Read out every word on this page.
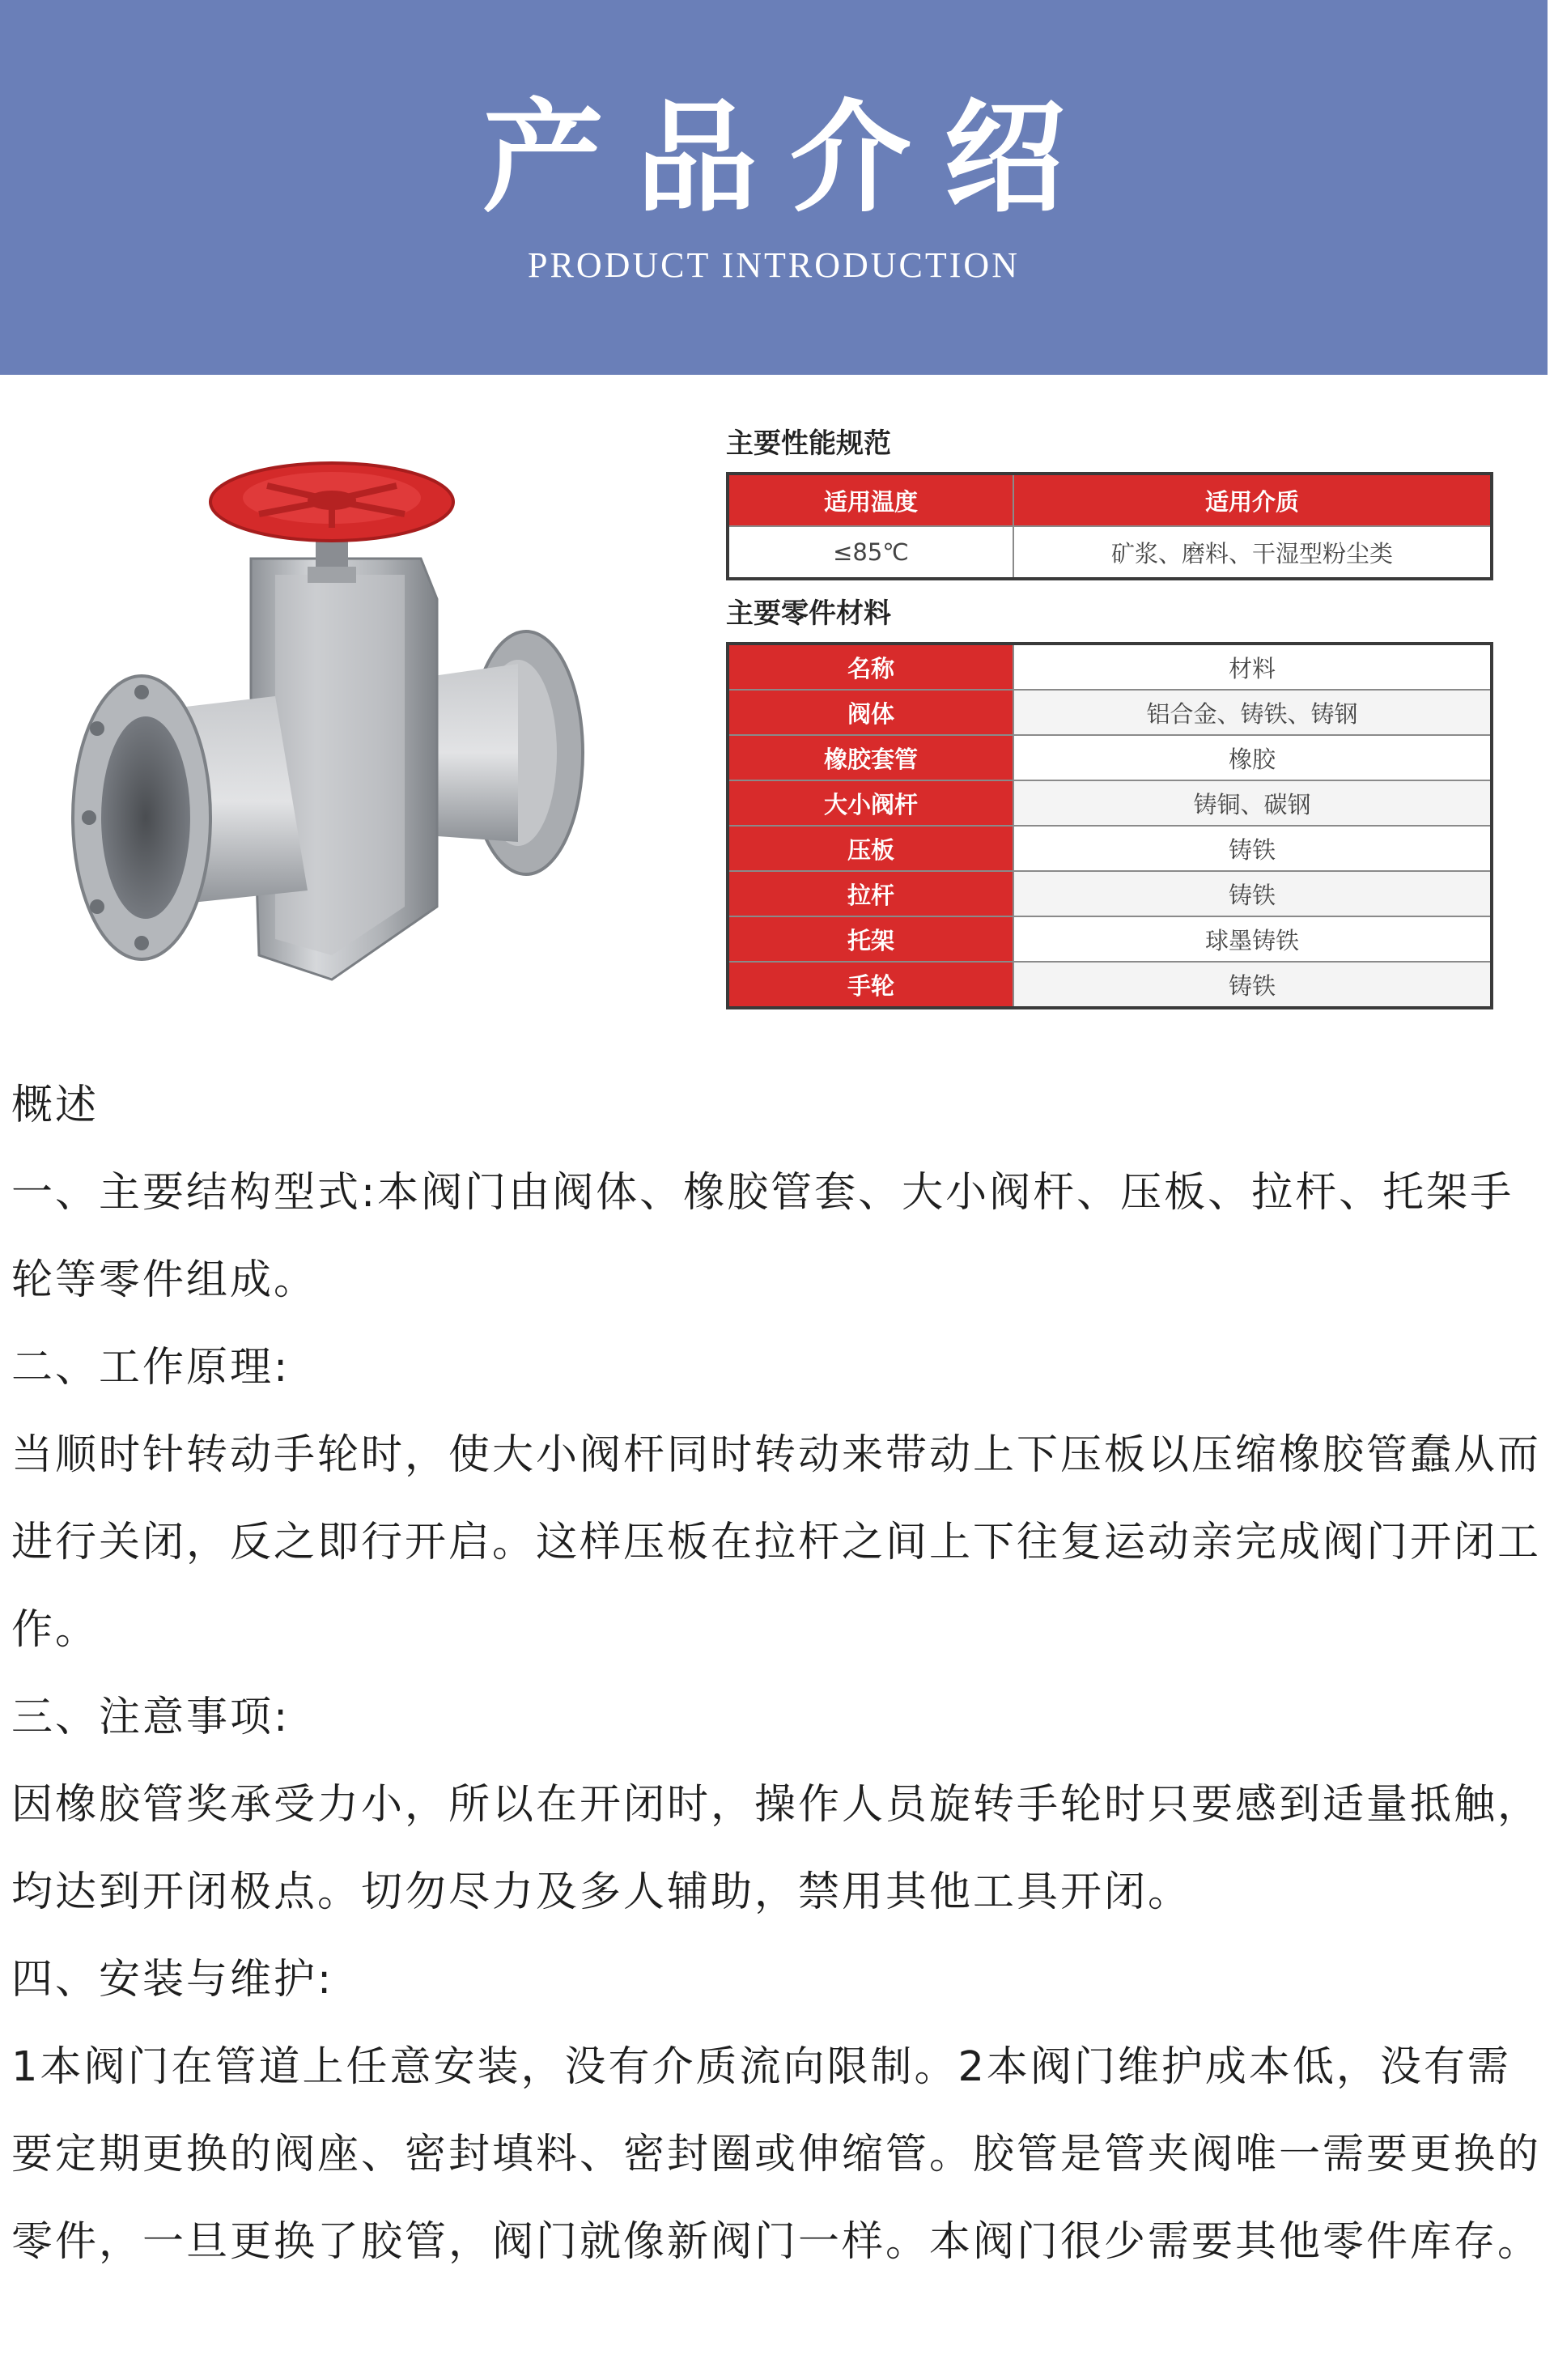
产品介绍
PRODUCT INTRODUCTION
主要性能规范
适用温度	适用介质
≤85℃	矿浆、磨料、干湿型粉尘类
主要零件材料
名称	材料
阀体	铝合金、铸铁、铸钢
橡胶套管	橡胶
大小阀杆	铸铜、碳钢
压板	铸铁
拉杆	铸铁
托架	球墨铸铁
手轮	铸铁

概述

一、主要结构型式:本阀门由阀体、橡胶管套、大小阀杆、压板、拉杆、托架手轮等零件组成。

二、工作原理:

当顺时针转动手轮时，使大小阀杆同时转动来带动上下压板以压缩橡胶管蠢从而进行关闭，反之即行开启。这样压板在拉杆之间上下往复运动亲完成阀门开闭工作。

三、注意事项:

因橡胶管奖承受力小，所以在开闭时，操作人员旋转手轮时只要感到适量抵触，均达到开闭极点。切勿尽力及多人辅助，禁用其他工具开闭。

四、安装与维护:

1本阀门在管道上任意安装，没有介质流向限制。2本阀门维护成本低，没有需要定期更换的阀座、密封填料、密封圈或伸缩管。胶管是管夹阀唯一需要更换的零件，一旦更换了胶管，阀门就像新阀门一样。本阀门很少需要其他零件库存。
